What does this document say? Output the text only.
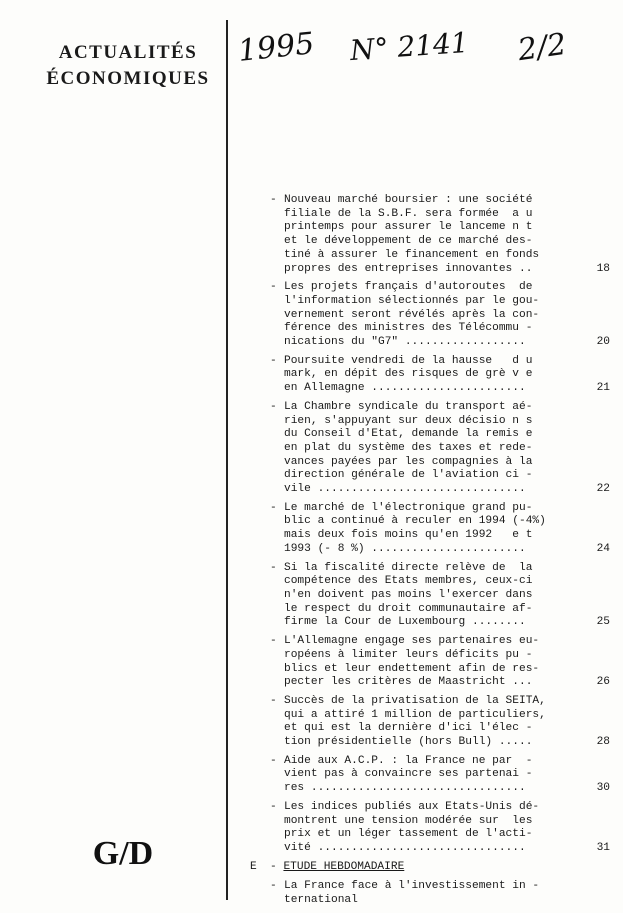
ACTUALITÉS
ÉCONOMIQUES
1995 N° 2141 2/2
G/D
- Nouveau marché boursier : une société
filiale de la S.B.F. sera formée  a u
printemps pour assurer le lanceme n t
et le développement de ce marché des-
tiné à assurer le financement en fonds
propres des entreprises innovantes ..	18
- Les projets français d'autoroutes  de
l'information sélectionnés par le gou-
vernement seront révélés après la con-
férence des ministres des Télécommu -
nications du "G7" ..................	20
- Poursuite vendredi de la hausse   d u
mark, en dépit des risques de grè v e
en Allemagne .......................	21
- La Chambre syndicale du transport aé-
rien, s'appuyant sur deux décisio n s
du Conseil d'Etat, demande la remis e
en plat du système des taxes et rede-
vances payées par les compagnies à la
direction générale de l'aviation ci -
vile ...............................	22
- Le marché de l'électronique grand pu-
blic a continué à reculer en 1994 (-4%)
mais deux fois moins qu'en 1992   e t
1993 (- 8 %) .......................	24
- Si la fiscalité directe relève de  la
compétence des Etats membres, ceux-ci
n'en doivent pas moins l'exercer dans
le respect du droit communautaire af-
firme la Cour de Luxembourg ........	25
- L'Allemagne engage ses partenaires eu-
ropéens à limiter leurs déficits pu -
blics et leur endettement afin de res-
pecter les critères de Maastricht ...	26
- Succès de la privatisation de la SEITA,
qui a attiré 1 million de particuliers,
et qui est la dernière d'ici l'élec -
tion présidentielle (hors Bull) .....	28
- Aide aux A.C.P. : la France ne par  -
vient pas à convaincre ses partenai -
res ................................	30
- Les indices publiés aux Etats-Unis dé-
montrent une tension modérée sur  les
prix et un léger tassement de l'acti-
vité ...............................	31
E - ETUDE HEBDOMADAIRE
- La France face à l'investissement in -
ternational
